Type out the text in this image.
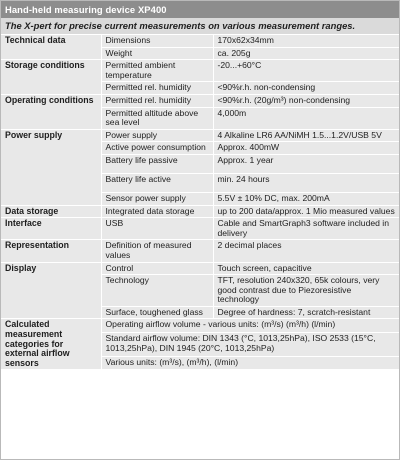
Hand-held measuring device XP400
The X-pert for precise current measurements on various measurement ranges.
Technical data	Dimensions	170x62x34mm
	Weight	ca. 205g
Storage conditions	Permitted ambient temperature	-20...+60°C
	Permitted rel. humidity	<90%r.h. non-condensing
Operating conditions	Permitted rel. humidity	<90%r.h. (20g/m³) non-condensing
	Permitted altitude above sea level	4,000m
Power supply	Power supply	4 Alkaline LR6 AA/NiMH 1.5...1.2V/USB 5V
	Active power consumption	Approx. 400mW
	Battery life passive	Approx. 1 year
	Battery life active	min. 24 hours
	Sensor power supply	5.5V ± 10% DC, max. 200mA
Data storage	Integrated data storage	up to 200 data/approx. 1 Mio measured values
Interface	USB	Cable and SmartGraph3 software included in delivery
Representation	Definition of measured values	2 decimal places
Display	Control	Touch screen, capacitive
	Technology	TFT, resolution 240x320, 65k colours, very good contrast due to Piezoresistive technology
	Surface, toughened glass	Degree of hardness: 7, scratch-resistant
Calculated measurement categories for external airflow sensors	Operating airflow volume - various units: (m³/s) (m³/h) (l/min)	
	Standard airflow volume: DIN 1343 (°C, 1013,25hPa), ISO 2533 (15°C, 1013,25hPa), DIN 1945 (20°C, 1013,25hPa)	
	Various units: (m³/s), (m³/h), (l/min)	
